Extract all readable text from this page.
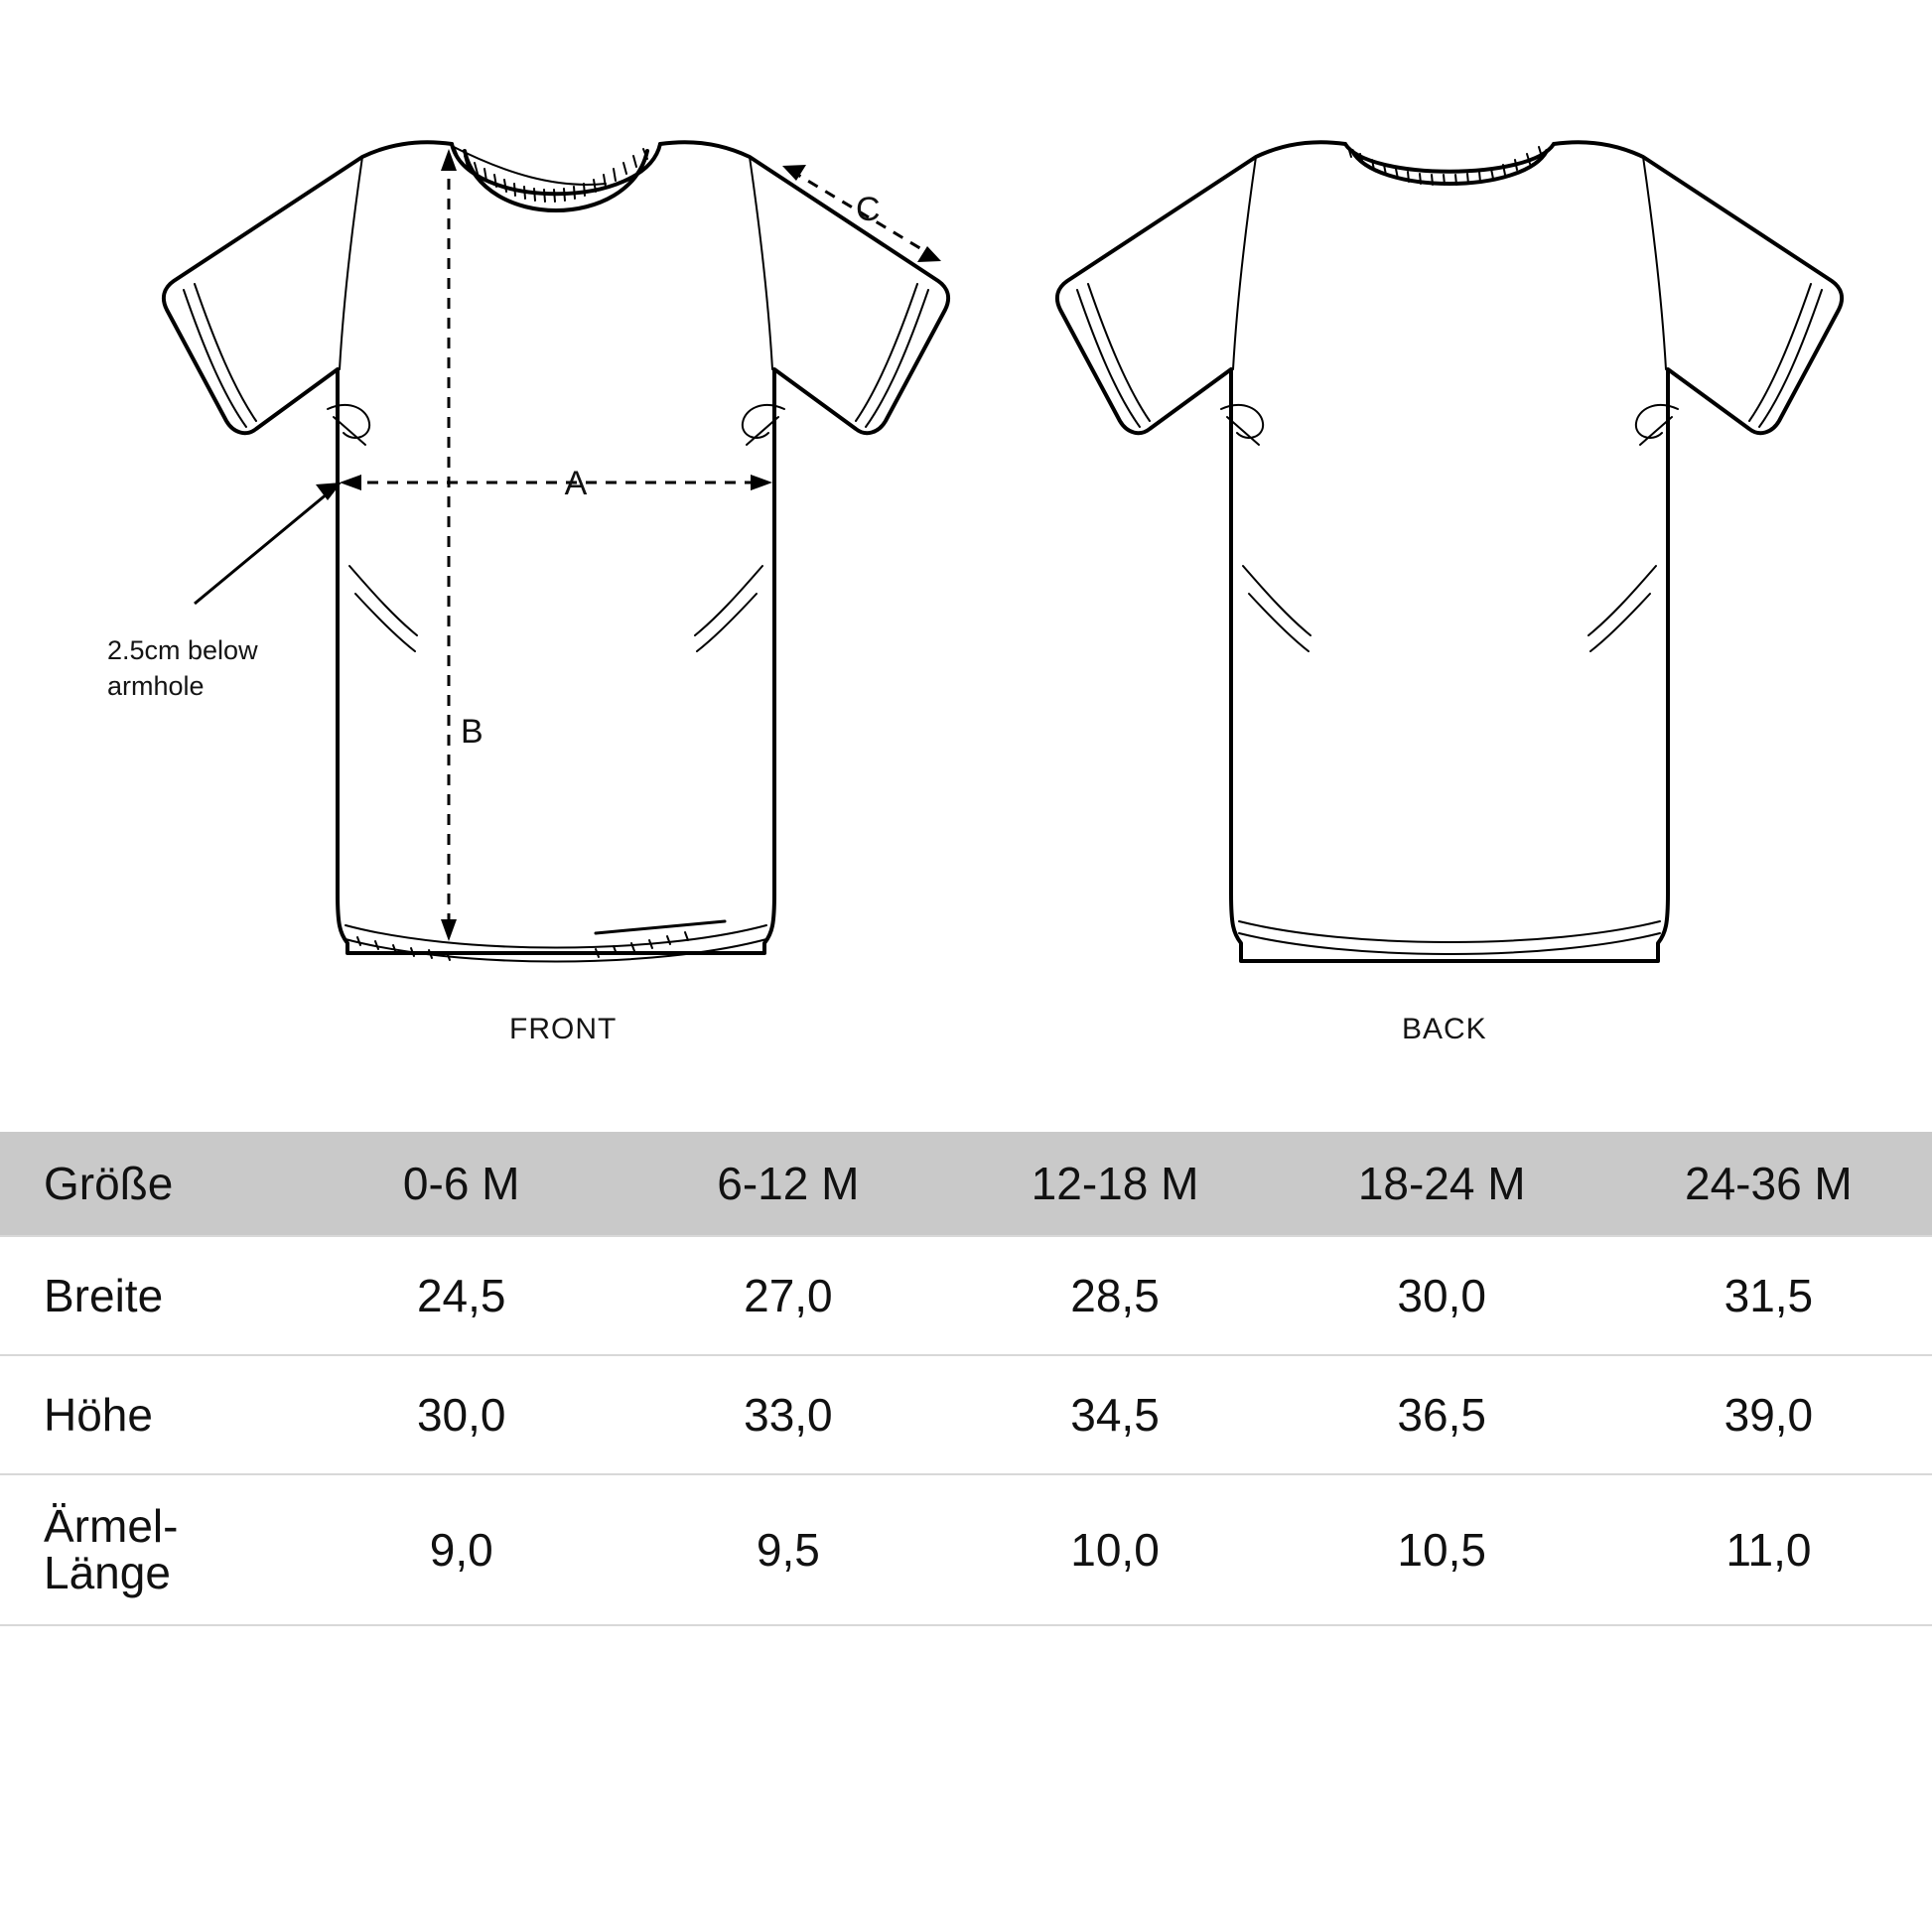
A
B
C
FRONT	BACK
2.5cm below armhole
Größe	0-6 M	6-12 M	12-18 M	18-24 M	24-36 M
Breite	24,5	27,0	28,5	30,0	31,5
Höhe	30,0	33,0	34,5	36,5	39,0

Ärmel-
Länge	9,0	9,5	10,0	10,5	11,0
